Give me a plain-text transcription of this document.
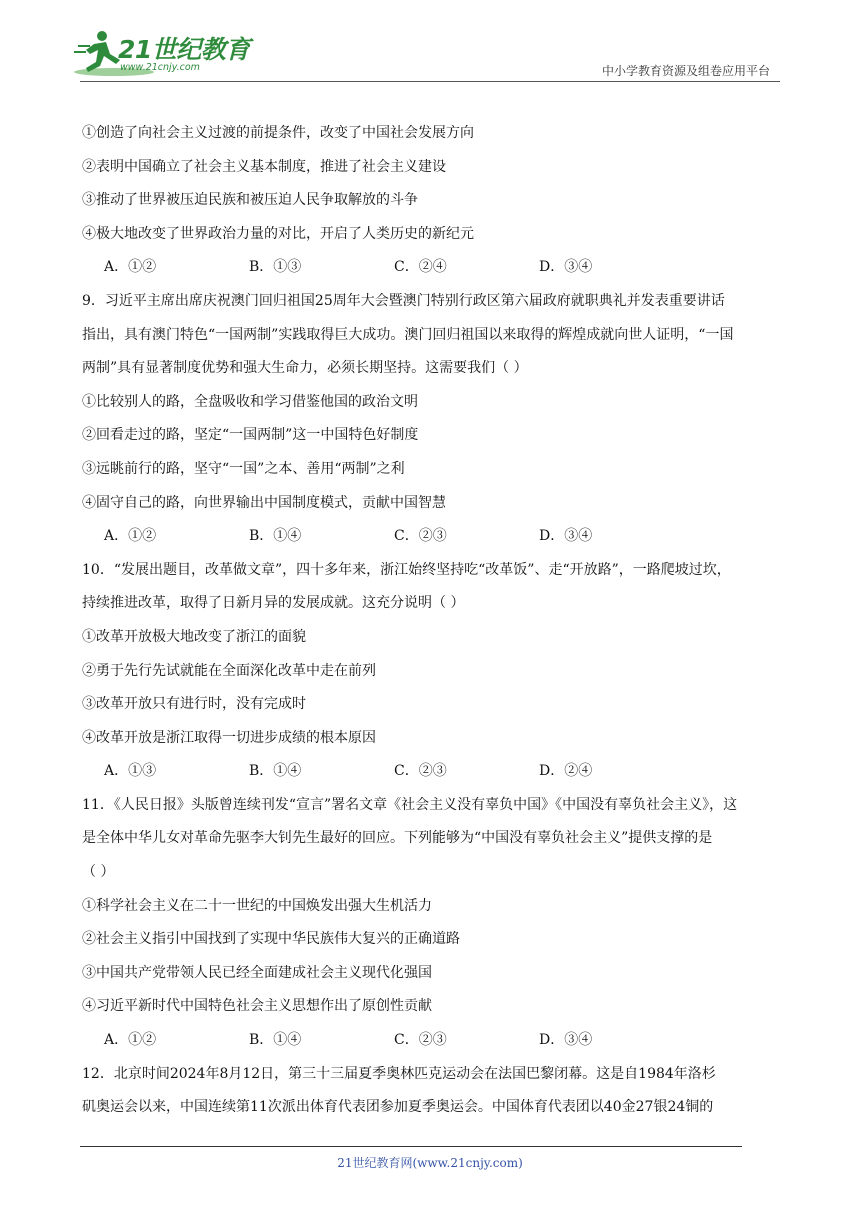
21世纪教育
www.21cnjy.com	中小学教育资源及组卷应用平台
①创造了向社会主义过渡的前提条件，改变了中国社会发展方向
②表明中国确立了社会主义基本制度，推进了社会主义建设
③推动了世界被压迫民族和被压迫人民争取解放的斗争
④极大地改变了世界政治力量的对比，开启了人类历史的新纪元
A．①②	B．①③	C．②④	D．③④
9．习近平主席出席庆祝澳门回归祖国25周年大会暨澳门特别行政区第六届政府就职典礼并发表重要讲话
指出，具有澳门特色“一国两制”实践取得巨大成功。澳门回归祖国以来取得的辉煌成就向世人证明，“一国
两制”具有显著制度优势和强大生命力，必须长期坚持。这需要我们（ ）
①比较别人的路，全盘吸收和学习借鉴他国的政治文明
②回看走过的路，坚定“一国两制”这一中国特色好制度
③远眺前行的路，坚守“一国”之本、善用“两制”之利
④固守自己的路，向世界输出中国制度模式，贡献中国智慧
A．①②	B．①④	C．②③	D．③④
10．“发展出题目，改革做文章”，四十多年来，浙江始终坚持吃“改革饭”、走“开放路”，一路爬坡过坎，
持续推进改革，取得了日新月异的发展成就。这充分说明（ ）
①改革开放极大地改变了浙江的面貌
②勇于先行先试就能在全面深化改革中走在前列
③改革开放只有进行时，没有完成时
④改革开放是浙江取得一切进步成绩的根本原因
A．①③	B．①④	C．②③	D．②④
11．《人民日报》头版曾连续刊发“宣言”署名文章《社会主义没有辜负中国》《中国没有辜负社会主义》，这
是全体中华儿女对革命先驱李大钊先生最好的回应。下列能够为“中国没有辜负社会主义”提供支撑的是
（ ）
①科学社会主义在二十一世纪的中国焕发出强大生机活力
②社会主义指引中国找到了实现中华民族伟大复兴的正确道路
③中国共产党带领人民已经全面建成社会主义现代化强国
④习近平新时代中国特色社会主义思想作出了原创性贡献
A．①②	B．①④	C．②③	D．③④
12．北京时间2024年8月12日，第三十三届夏季奥林匹克运动会在法国巴黎闭幕。这是自1984年洛杉
矶奥运会以来，中国连续第11次派出体育代表团参加夏季奥运会。中国体育代表团以40金27银24铜的
21世纪教育网(www.21cnjy.com)
